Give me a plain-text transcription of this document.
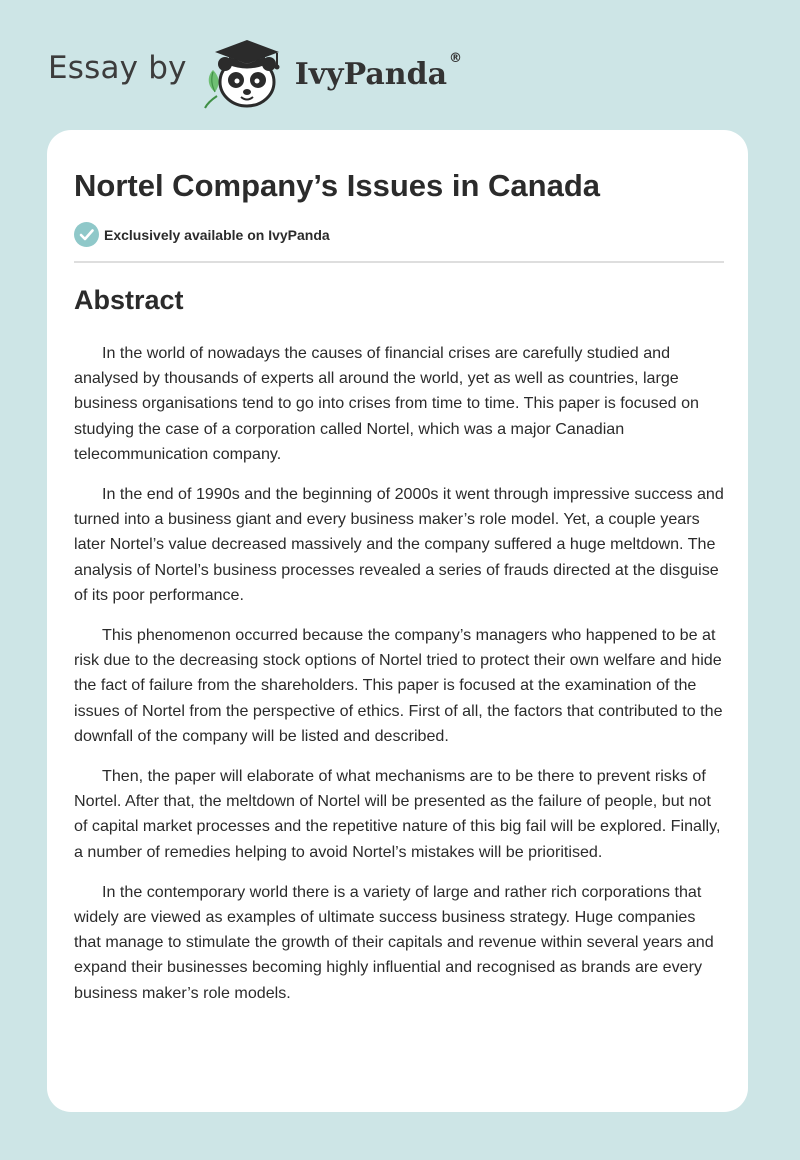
Essay by	IvyPanda ®
Nortel Company’s Issues in Canada
Exclusively available on IvyPanda
Abstract

In the world of nowadays the causes of financial crises are carefully studied and analysed by thousands of experts all around the world, yet as well as countries, large business organisations tend to go into crises from time to time. This paper is focused on studying the case of a corporation called Nortel, which was a major Canadian telecommunication company.

In the end of 1990s and the beginning of 2000s it went through impressive success and turned into a business giant and every business maker’s role model. Yet, a couple years later Nortel’s value decreased massively and the company suffered a huge meltdown. The analysis of Nortel’s business processes revealed a series of frauds directed at the disguise of its poor performance.

This phenomenon occurred because the company’s managers who happened to be at risk due to the decreasing stock options of Nortel tried to protect their own welfare and hide the fact of failure from the shareholders. This paper is focused at the examination of the issues of Nortel from the perspective of ethics. First of all, the factors that contributed to the downfall of the company will be listed and described.

Then, the paper will elaborate of what mechanisms are to be there to prevent risks of Nortel. After that, the meltdown of Nortel will be presented as the failure of people, but not of capital market processes and the repetitive nature of this big fail will be explored. Finally, a number of remedies helping to avoid Nortel’s mistakes will be prioritised.

In the contemporary world there is a variety of large and rather rich corporations that widely are viewed as examples of ultimate success business strategy. Huge companies that manage to stimulate the growth of their capitals and revenue within several years and expand their businesses becoming highly influential and recognised as brands are every business maker’s role models.
